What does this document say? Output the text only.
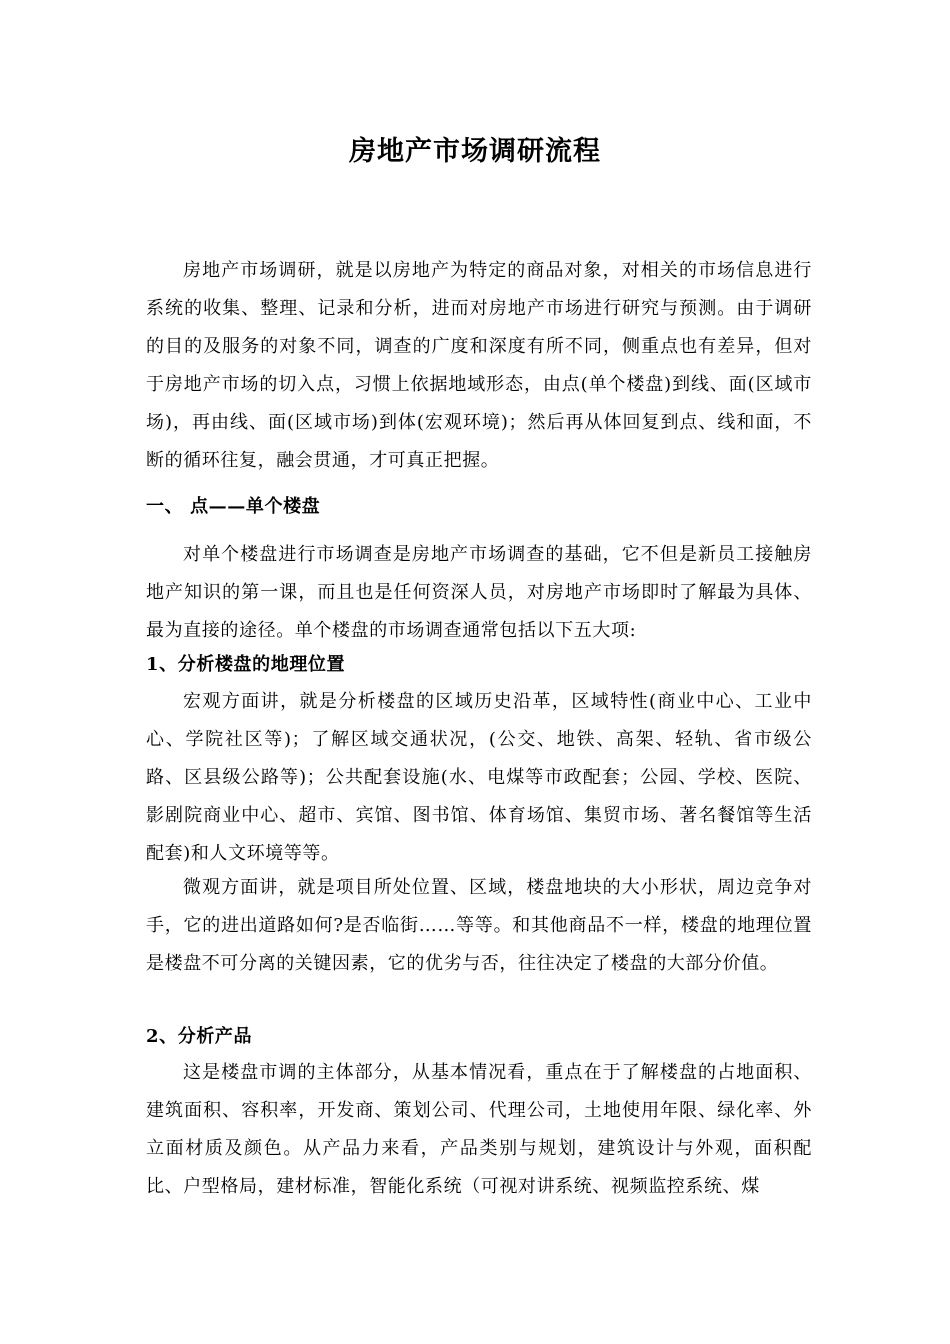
房地产市场调研流程
房地产市场调研，就是以房地产为特定的商品对象，对相关的市场信息进行系统的收集、整理、记录和分析，进而对房地产市场进行研究与预测。由于调研的目的及服务的对象不同，调查的广度和深度有所不同，侧重点也有差异，但对于房地产市场的切入点，习惯上依据地域形态，由点(单个楼盘)到线、面(区域市场)，再由线、面(区域市场)到体(宏观环境)；然后再从体回复到点、线和面，不断的循环往复，融会贯通，才可真正把握。
一、 点——单个楼盘
对单个楼盘进行市场调查是房地产市场调查的基础，它不但是新员工接触房地产知识的第一课，而且也是任何资深人员，对房地产市场即时了解最为具体、最为直接的途径。单个楼盘的市场调查通常包括以下五大项:
1、分析楼盘的地理位置
宏观方面讲，就是分析楼盘的区域历史沿革，区域特性(商业中心、工业中心、学院社区等)；了解区域交通状况，(公交、地铁、高架、轻轨、省市级公路、区县级公路等)；公共配套设施(水、电煤等市政配套；公园、学校、医院、影剧院商业中心、超市、宾馆、图书馆、体育场馆、集贸市场、著名餐馆等生活配套)和人文环境等等。
微观方面讲，就是项目所处位置、区域，楼盘地块的大小形状，周边竞争对手，它的进出道路如何?是否临街……等等。和其他商品不一样，楼盘的地理位置是楼盘不可分离的关键因素，它的优劣与否，往往决定了楼盘的大部分价值。
2、分析产品
这是楼盘市调的主体部分，从基本情况看，重点在于了解楼盘的占地面积、建筑面积、容积率，开发商、策划公司、代理公司，土地使用年限、绿化率、外立面材质及颜色。从产品力来看，产品类别与规划，建筑设计与外观，面积配比、户型格局，建材标准，智能化系统（可视对讲系统、视频监控系统、煤
